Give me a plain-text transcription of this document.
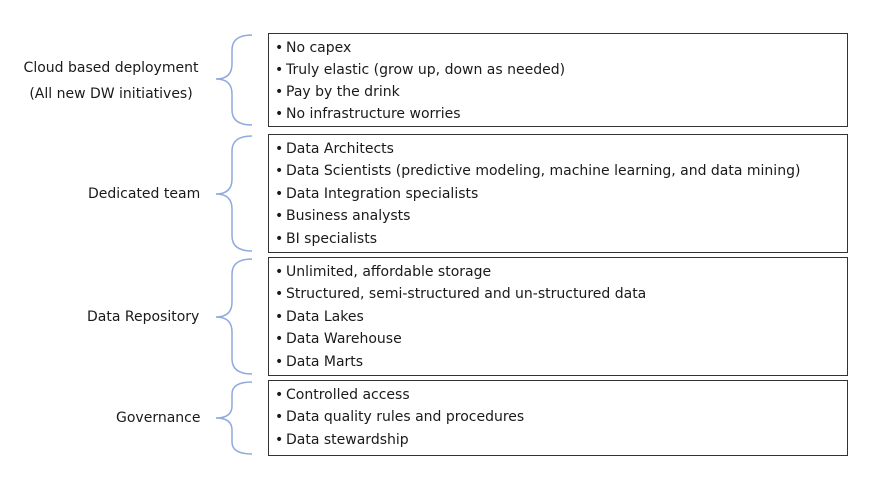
Cloud based deployment
(All new DW initiatives)
• No capex
• Truly elastic (grow up, down as needed)
• Pay by the drink
• No infrastructure worries
Dedicated team
• Data Architects
• Data Scientists (predictive modeling, machine learning, and data mining)
• Data Integration specialists
• Business analysts
• BI specialists
Data Repository
• Unlimited, affordable storage
• Structured, semi-structured and un-structured data
• Data Lakes
• Data Warehouse
• Data Marts
Governance
• Controlled access
• Data quality rules and procedures
• Data stewardship
